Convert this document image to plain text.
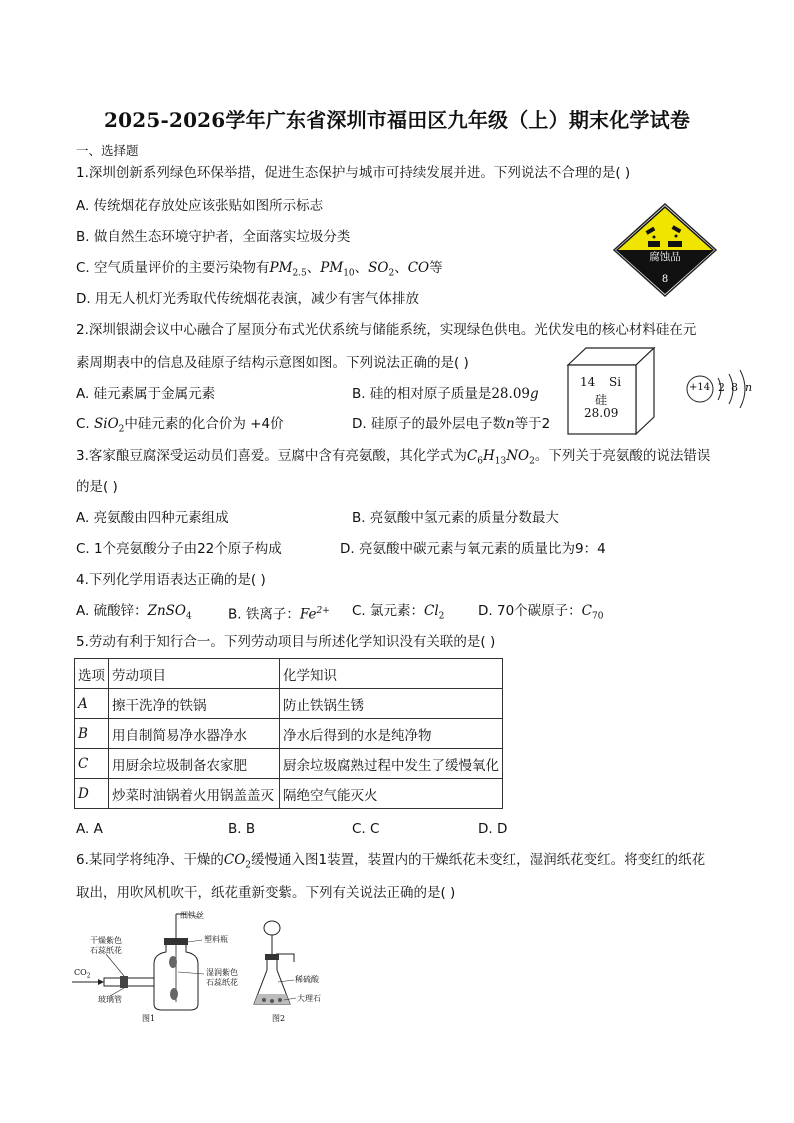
2025-2026学年广东省深圳市福田区九年级（上）期末化学试卷
一、选择题
1.深圳创新系列绿色环保举措，促进生态保护与城市可持续发展并进。下列说法不合理的是( )
A. 传统烟花存放处应该张贴如图所示标志
B. 做自然生态环境守护者，全面落实垃圾分类
C. 空气质量评价的主要污染物有$PM_{2.5}$、$PM_{10}$、$SO_2$、CO等
D. 用无人机灯光秀取代传统烟花表演，减少有害气体排放
腐蚀品
8
2.深圳银湖会议中心融合了屋顶分布式光伏系统与储能系统，实现绿色供电。光伏发电的核心材料硅在元
素周期表中的信息及硅原子结构示意图如图。下列说法正确的是( )
A. 硅元素属于金属元素	B. 硅的相对原子质量是28.09g
C. SiO$_2$中硅元素的化合价为 +4价	D. 硅原子的最外层电子数n等于2
14 Si
硅
28.09
+14 2 8 n
3.客家酿豆腐深受运动员们喜爱。豆腐中含有亮氨酸，其化学式为$C_6H_{13}NO_2$。下列关于亮氨酸的说法错误
的是( )
A. 亮氨酸由四种元素组成	B. 亮氨酸中氢元素的质量分数最大
C. 1个亮氨酸分子由22个原子构成	D. 亮氨酸中碳元素与氧元素的质量比为9：4
4.下列化学用语表达正确的是( )
A. 硫酸锌：ZnSO$_4$	B. 铁离子：$Fe^{2+}$ C. 氯元素：$Cl_2$ D. 70个碳原子：$C_{70}$
5.劳动有利于知行合一。下列劳动项目与所述化学知识没有关联的是( )
选项	劳动项目	化学知识
A	擦干洗净的铁锅	防止铁锅生锈
B	用自制简易净水器净水	净水后得到的水是纯净物
C	用厨余垃圾制备农家肥	厨余垃圾腐熟过程中发生了缓慢氧化
D	炒菜时油锅着火用锅盖盖灭	隔绝空气能灭火
A. A	B. B	C. C	D. D
6.某同学将纯净、干燥的$CO_2$缓慢通入图1装置，装置内的干燥纸花未变红，湿润纸花变红。将变红的纸花
取出，用吹风机吹干，纸花重新变紫。下列有关说法正确的是( )
细铁丝
干燥紫色
石蕊纸花
塑料瓶
湿润紫色
石蕊纸花
玻璃管
$CO_2$
图1
稀硫酸
大理石
图2
